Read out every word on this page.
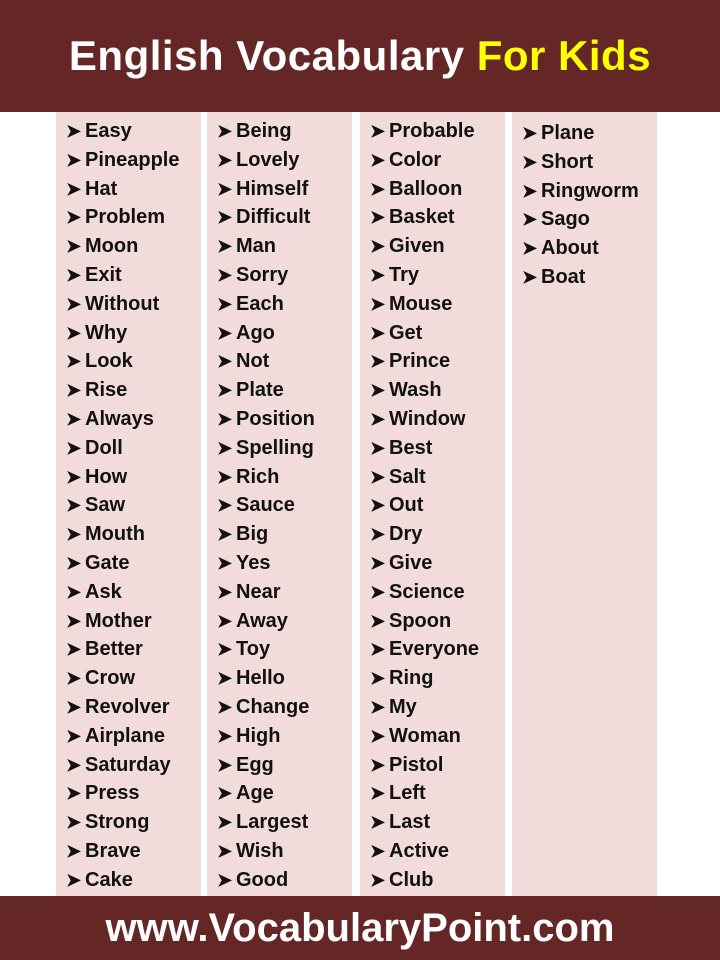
English Vocabulary For Kids
➤ Easy
➤ Pineapple
➤ Hat
➤ Problem
➤ Moon
➤ Exit
➤ Without
➤ Why
➤ Look
➤ Rise
➤ Always
➤ Doll
➤ How
➤ Saw
➤ Mouth
➤ Gate
➤ Ask
➤ Mother
➤ Better
➤ Crow
➤ Revolver
➤ Airplane
➤ Saturday
➤ Press
➤ Strong
➤ Brave
➤ Cake
➤ Being
➤ Lovely
➤ Himself
➤ Difficult
➤ Man
➤ Sorry
➤ Each
➤ Ago
➤ Not
➤ Plate
➤ Position
➤ Spelling
➤ Rich
➤ Sauce
➤ Big
➤ Yes
➤ Near
➤ Away
➤ Toy
➤ Hello
➤ Change
➤ High
➤ Egg
➤ Age
➤ Largest
➤ Wish
➤ Good
➤ Probable
➤ Color
➤ Balloon
➤ Basket
➤ Given
➤ Try
➤ Mouse
➤ Get
➤ Prince
➤ Wash
➤ Window
➤ Best
➤ Salt
➤ Out
➤ Dry
➤ Give
➤ Science
➤ Spoon
➤ Everyone
➤ Ring
➤ My
➤ Woman
➤ Pistol
➤ Left
➤ Last
➤ Active
➤ Club
➤ Plane
➤ Short
➤ Ringworm
➤ Sago
➤ About
➤ Boat
www.VocabularyPoint.com
